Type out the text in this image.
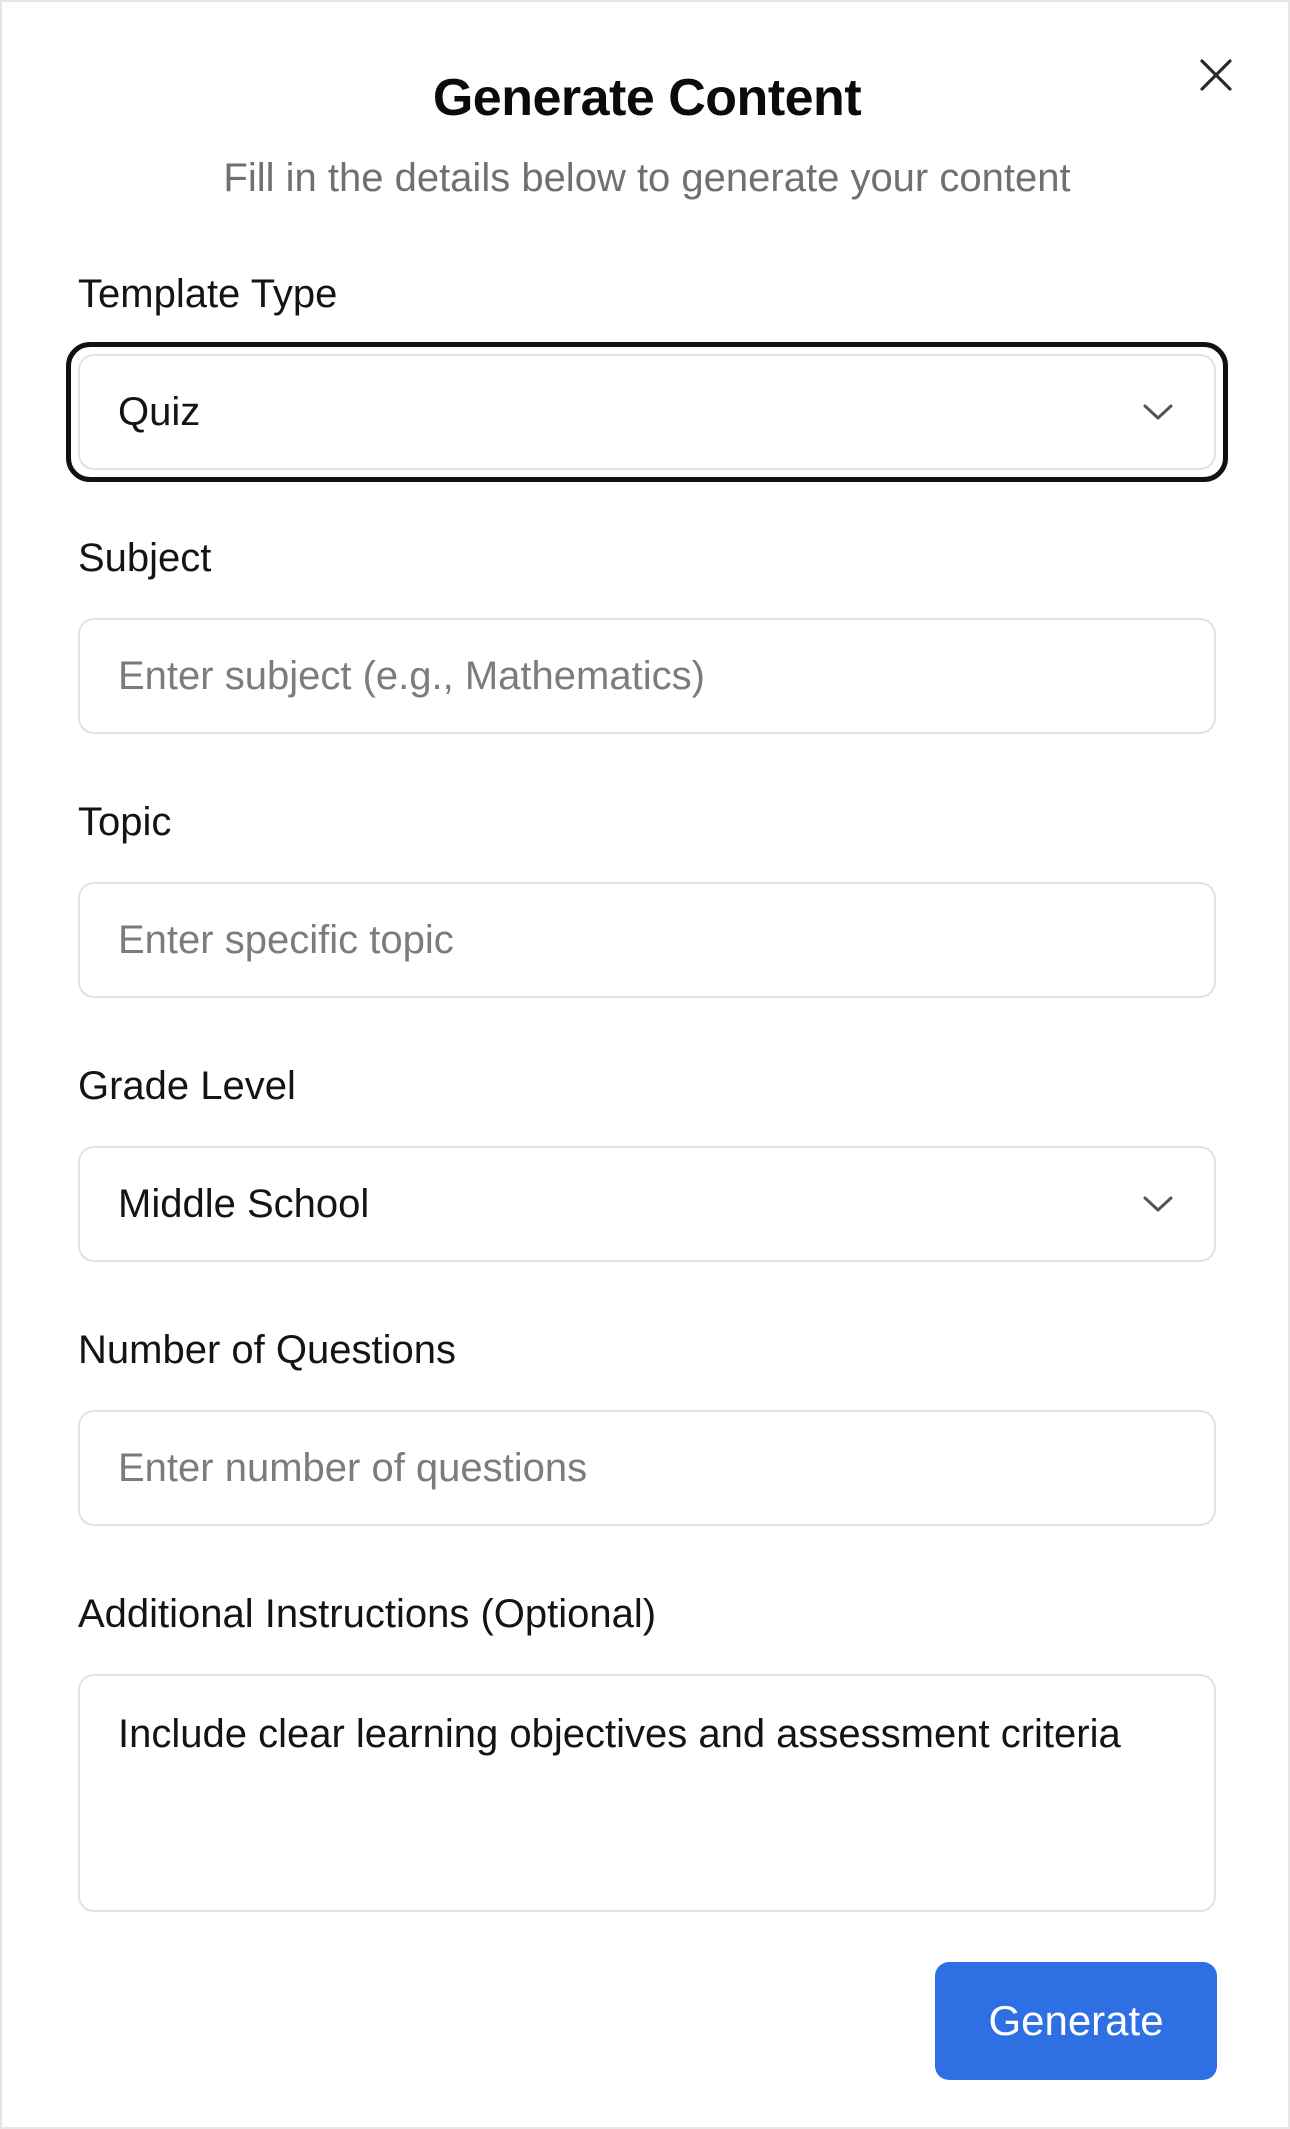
Generate Content

Fill in the details below to generate your content

Template Type
Quiz
Subject
Enter subject (e.g., Mathematics)
Topic
Enter specific topic
Grade Level
Middle School
Number of Questions
Enter number of questions
Additional Instructions (Optional)
Include clear learning objectives and assessment criteria
Generate
